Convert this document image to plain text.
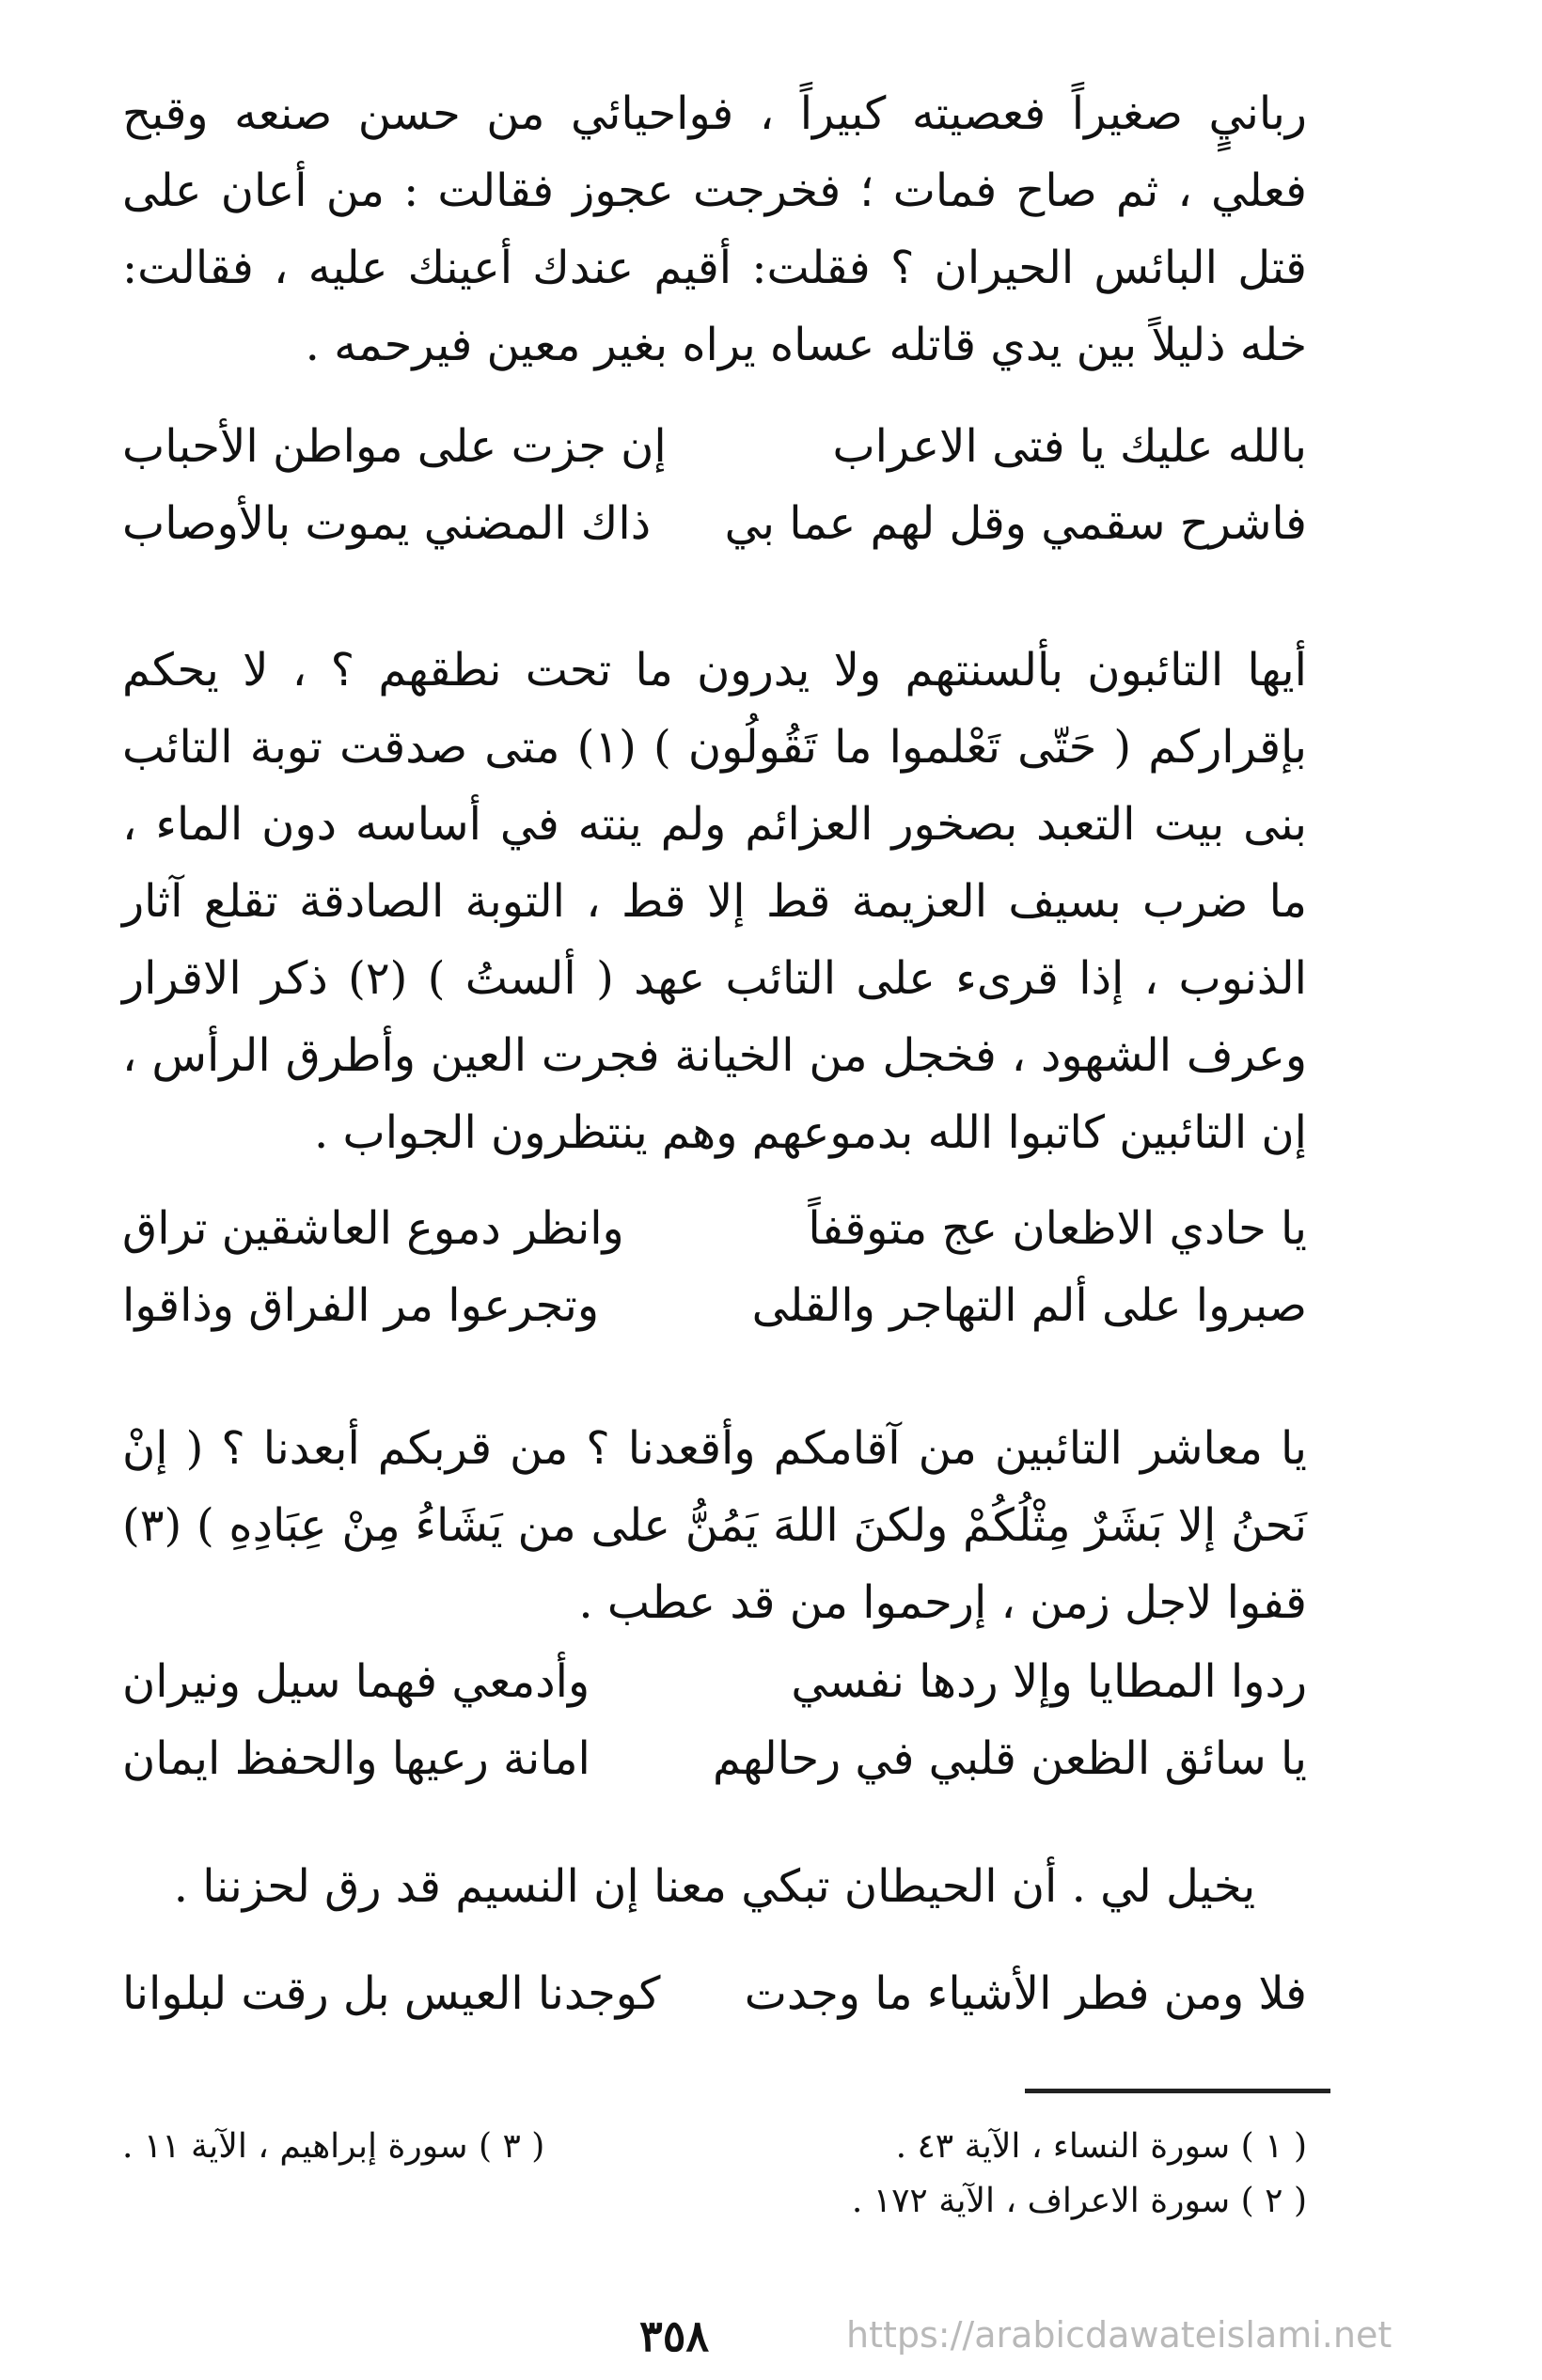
ربانيٍ صغيراً فعصيته كبيراً ، فواحيائي من حسن صنعه وقبح فعلي ، ثم صاح فمات ؛ فخرجت عجوز فقالت : من أعان على قتل البائس الحيران ؟ فقلت: أقيم عندك أعينك عليه ، فقالت: خله ذليلاً بين يدي قاتله عساه يراه بغير معين فيرحمه .

بالله عليك يا فتى الاعراب
إن جزت على مواطن الأحباب
فاشرح سقمي وقل لهم عما بي
ذاك المضني يموت بالأوصاب

أيها التائبون بألسنتهم ولا يدرون ما تحت نطقهم ؟ ، لا يحكم بإقراركم ( حَتّى تَعْلموا ما تَقُولُون ) (١) متى صدقت توبة التائب بنى بيت التعبد بصخور العزائم ولم ينته في أساسه دون الماء ، ما ضرب بسيف العزيمة قط إلا قط ، التوبة الصادقة تقلع آثار الذنوب ، إذا قرىء على التائب عهد ( ألستُ ) (٢) ذكر الاقرار وعرف الشهود ، فخجل من الخيانة فجرت العين وأطرق الرأس ، إن التائبين كاتبوا الله بدموعهم وهم ينتظرون الجواب .

يا حادي الاظعان عج متوقفاً
وانظر دموع العاشقين تراق
صبروا على ألم التهاجر والقلى
وتجرعوا مر الفراق وذاقوا

يا معاشر التائبين من آقامكم وأقعدنا ؟ من قربكم أبعدنا ؟ ( إنْ نَحنُ إلا بَشَرٌ مِثْلُكُمْ ولكنَ اللهَ يَمُنُّ على من يَشَاءُ مِنْ عِبَادِهِ ) (٣) قفوا لاجل زمن ، إرحموا من قد عطب .

ردوا المطايا وإلا ردها نفسي
وأدمعي فهما سيل ونيران
يا سائق الظعن قلبي في رحالهم
امانة رعيها والحفظ ايمان
يخيل لي . أن الحيطان تبكي معنا إن النسيم قد رق لحزننا .
فلا ومن فطر الأشياء ما وجدت
كوجدنا العيس بل رقت لبلوانا
( ١ ) سورة النساء ، الآية ٤٣ .
( ٣ ) سورة إبراهيم ، الآية ١١ .
( ٢ ) سورة الاعراف ، الآية ١٧٢ .
٣٥٨	https://arabicdawateislami.net
